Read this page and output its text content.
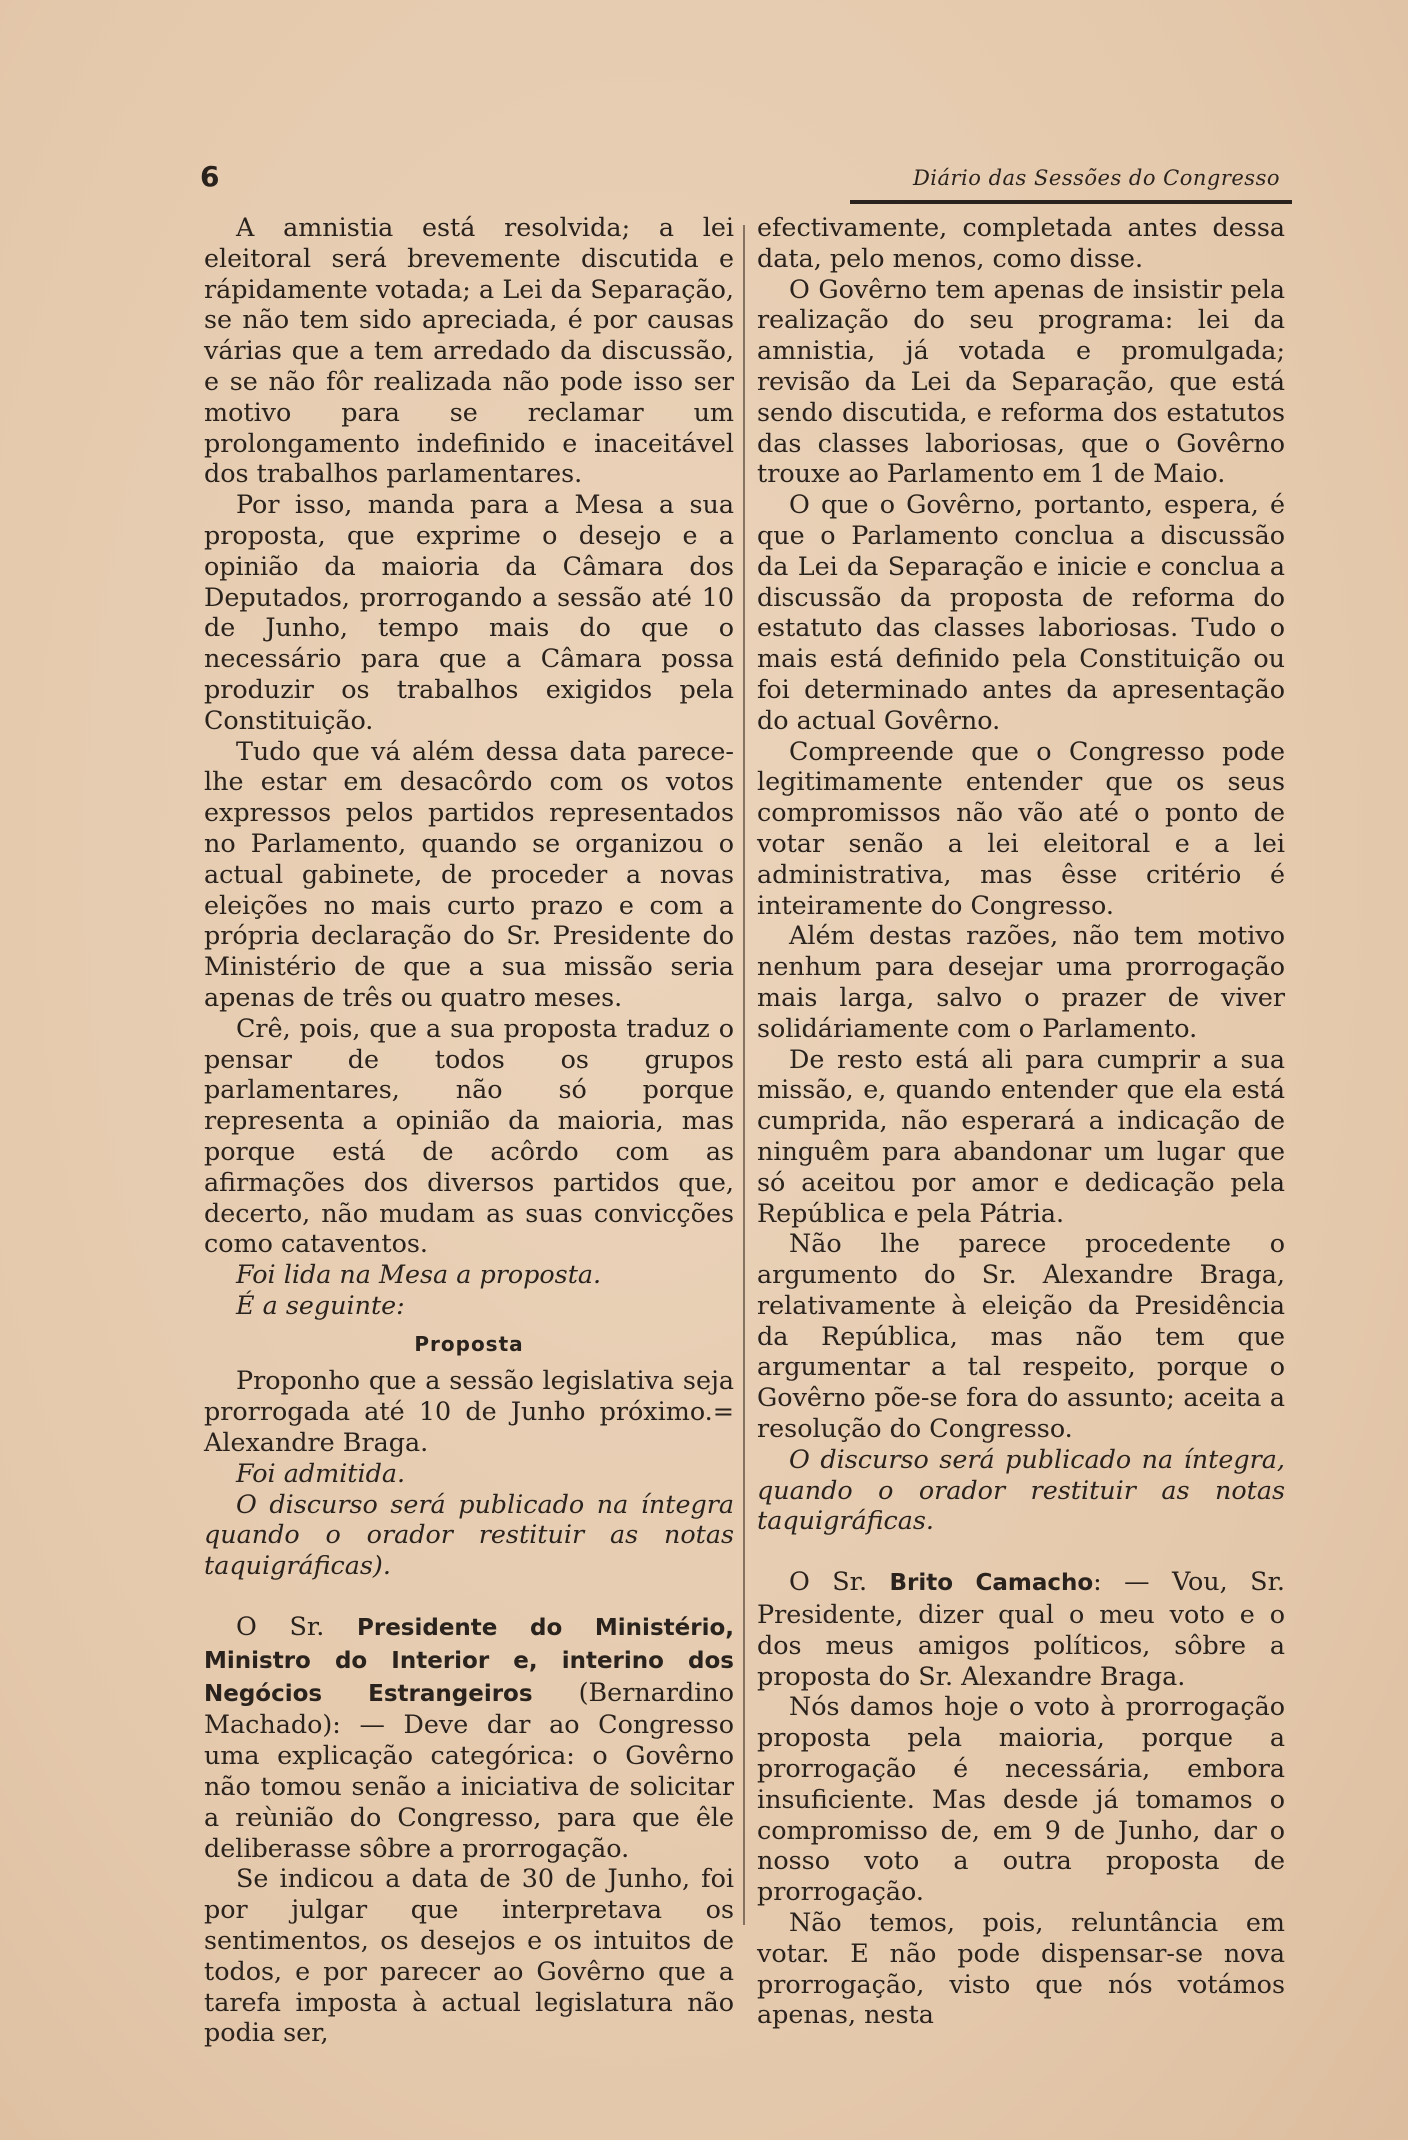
6	Diário das Sessões do Congresso

A amnistia está resolvida; a lei eleitoral será brevemente discutida e rápidamente votada; a Lei da Separação, se não tem sido apreciada, é por causas várias que a tem arredado da discussão, e se não fôr realizada não pode isso ser motivo para se reclamar um prolongamento indefinido e inaceitável dos trabalhos parlamentares.

Por isso, manda para a Mesa a sua proposta, que exprime o desejo e a opinião da maioria da Câmara dos Deputados, prorrogando a sessão até 10 de Junho, tempo mais do que o necessário para que a Câmara possa produzir os trabalhos exigidos pela Constituição.

Tudo que vá além dessa data parece-lhe estar em desacôrdo com os votos expressos pelos partidos representados no Parlamento, quando se organizou o actual gabinete, de proceder a novas eleições no mais curto prazo e com a própria declaração do Sr. Presidente do Ministério de que a sua missão seria apenas de três ou quatro meses.

Crê, pois, que a sua proposta traduz o pensar de todos os grupos parlamentares, não só porque representa a opinião da maioria, mas porque está de acôrdo com as afirmações dos diversos partidos que, decerto, não mudam as suas convicções como cataventos.

Foi lida na Mesa a proposta.

É a seguinte:

Proposta

Proponho que a sessão legislativa seja prorrogada até 10 de Junho próximo.= Alexandre Braga.

Foi admitida.

O discurso será publicado na íntegra quando o orador restituir as notas taquigráficas).

O Sr. Presidente do Ministério, Ministro do Interior e, interino dos Negócios Estrangeiros (Bernardino Machado): — Deve dar ao Congresso uma explicação categórica: o Govêrno não tomou senão a iniciativa de solicitar a reùnião do Congresso, para que êle deliberasse sôbre a prorrogação.

Se indicou a data de 30 de Junho, foi por julgar que interpretava os sentimentos, os desejos e os intuitos de todos, e por parecer ao Govêrno que a tarefa imposta à actual legislatura não podia ser,

efectivamente, completada antes dessa data, pelo menos, como disse.

O Govêrno tem apenas de insistir pela realização do seu programa: lei da amnistia, já votada e promulgada; revisão da Lei da Separação, que está sendo discutida, e reforma dos estatutos das classes laboriosas, que o Govêrno trouxe ao Parlamento em 1 de Maio.

O que o Govêrno, portanto, espera, é que o Parlamento conclua a discussão da Lei da Separação e inicie e conclua a discussão da proposta de reforma do estatuto das classes laboriosas. Tudo o mais está definido pela Constituição ou foi determinado antes da apresentação do actual Govêrno.

Compreende que o Congresso pode legitimamente entender que os seus compromissos não vão até o ponto de votar senão a lei eleitoral e a lei administrativa, mas êsse critério é inteiramente do Congresso.

Além destas razões, não tem motivo nenhum para desejar uma prorrogação mais larga, salvo o prazer de viver solidáriamente com o Parlamento.

De resto está ali para cumprir a sua missão, e, quando entender que ela está cumprida, não esperará a indicação de ninguêm para abandonar um lugar que só aceitou por amor e dedicação pela República e pela Pátria.

Não lhe parece procedente o argumento do Sr. Alexandre Braga, relativamente à eleição da Presidência da República, mas não tem que argumentar a tal respeito, porque o Govêrno põe-se fora do assunto; aceita a resolução do Congresso.

O discurso será publicado na íntegra, quando o orador restituir as notas taquigráficas.

O Sr. Brito Camacho: — Vou, Sr. Presidente, dizer qual o meu voto e o dos meus amigos políticos, sôbre a proposta do Sr. Alexandre Braga.

Nós damos hoje o voto à prorrogação proposta pela maioria, porque a prorrogação é necessária, embora insuficiente. Mas desde já tomamos o compromisso de, em 9 de Junho, dar o nosso voto a outra proposta de prorrogação.

Não temos, pois, reluntância em votar. E não pode dispensar-se nova prorrogação, visto que nós votámos apenas, nesta
